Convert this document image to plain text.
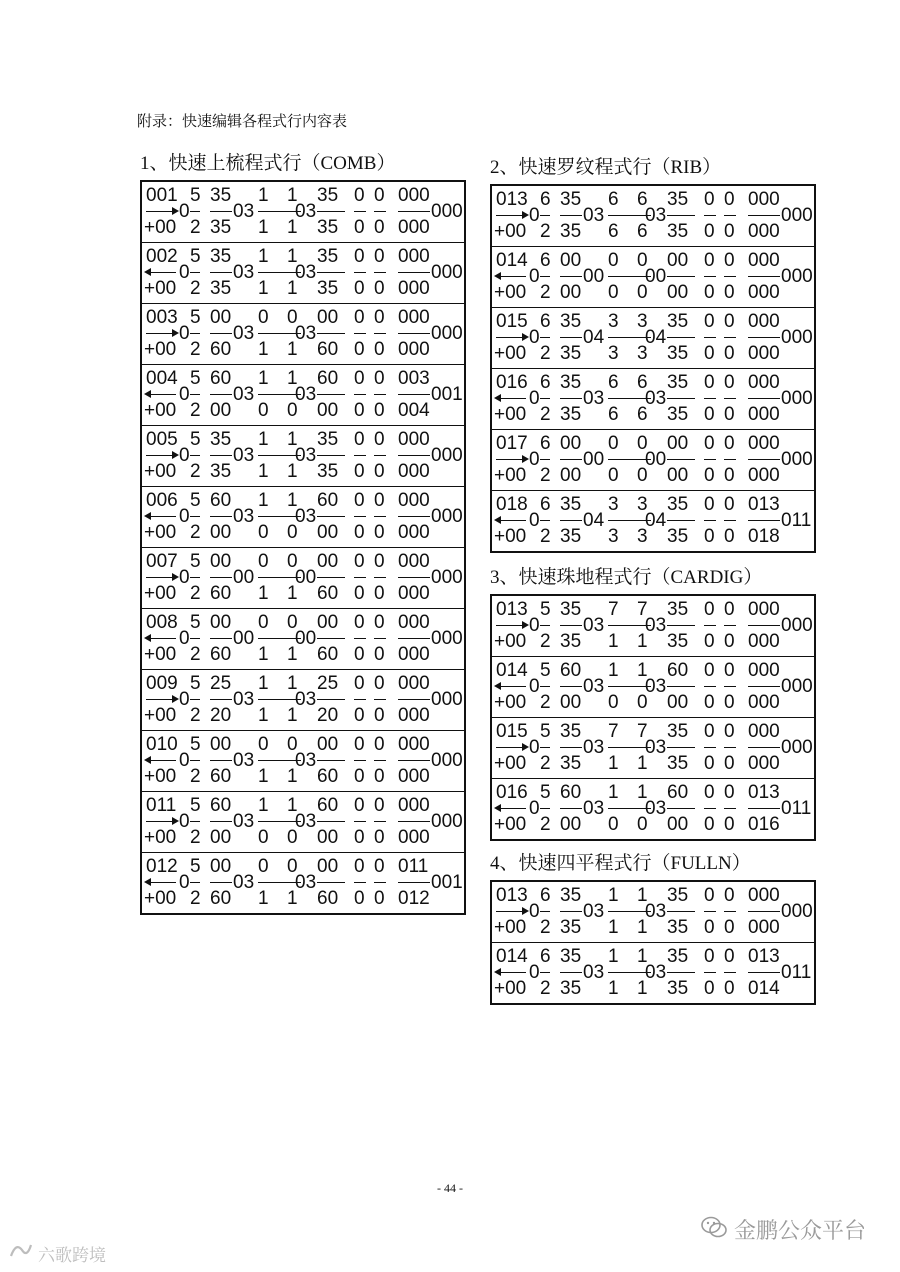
附录：快速编辑各程式行内容表
1、快速上梳程式行（COMB）
001
+00
5
0
2
35
35
03
1
1
1
1
03
35
35
0
0
0
0
000
000
000
002
+00
5
0
2
35
35
03
1
1
1
1
03
35
35
0
0
0
0
000
000
000
003
+00
5
0
2
00
60
03
0
1
0
1
03
00
60
0
0
0
0
000
000
000
004
+00
5
0
2
60
00
03
1
0
1
0
03
60
00
0
0
0
0
003
004
001
005
+00
5
0
2
35
35
03
1
1
1
1
03
35
35
0
0
0
0
000
000
000
006
+00
5
0
2
60
00
03
1
0
1
0
03
60
00
0
0
0
0
000
000
000
007
+00
5
0
2
00
60
00
0
1
0
1
00
00
60
0
0
0
0
000
000
000
008
+00
5
0
2
00
60
00
0
1
0
1
00
00
60
0
0
0
0
000
000
000
009
+00
5
0
2
25
20
03
1
1
1
1
03
25
20
0
0
0
0
000
000
000
010
+00
5
0
2
00
60
03
0
1
0
1
03
00
60
0
0
0
0
000
000
000
011
+00
5
0
2
60
00
03
1
0
1
0
03
60
00
0
0
0
0
000
000
000
012
+00
5
0
2
00
60
03
0
1
0
1
03
00
60
0
0
0
0
011
012
001
2、快速罗纹程式行（RIB）
013
+00
6
0
2
35
35
03
6
6
6
6
03
35
35
0
0
0
0
000
000
000
014
+00
6
0
2
00
00
00
0
0
0
0
00
00
00
0
0
0
0
000
000
000
015
+00
6
0
2
35
35
04
3
3
3
3
04
35
35
0
0
0
0
000
000
000
016
+00
6
0
2
35
35
03
6
6
6
6
03
35
35
0
0
0
0
000
000
000
017
+00
6
0
2
00
00
00
0
0
0
0
00
00
00
0
0
0
0
000
000
000
018
+00
6
0
2
35
35
04
3
3
3
3
04
35
35
0
0
0
0
013
018
011
3、快速珠地程式行（CARDIG）
013
+00
5
0
2
35
35
03
7
1
7
1
03
35
35
0
0
0
0
000
000
000
014
+00
5
0
2
60
00
03
1
0
1
0
03
60
00
0
0
0
0
000
000
000
015
+00
5
0
2
35
35
03
7
1
7
1
03
35
35
0
0
0
0
000
000
000
016
+00
5
0
2
60
00
03
1
0
1
0
03
60
00
0
0
0
0
013
016
011
4、快速四平程式行（FULLN）
013
+00
6
0
2
35
35
03
1
1
1
1
03
35
35
0
0
0
0
000
000
000
014
+00
6
0
2
35
35
03
1
1
1
1
03
35
35
0
0
0
0
013
014
011
- 44 -
金鹏公众平台
六歌跨境
